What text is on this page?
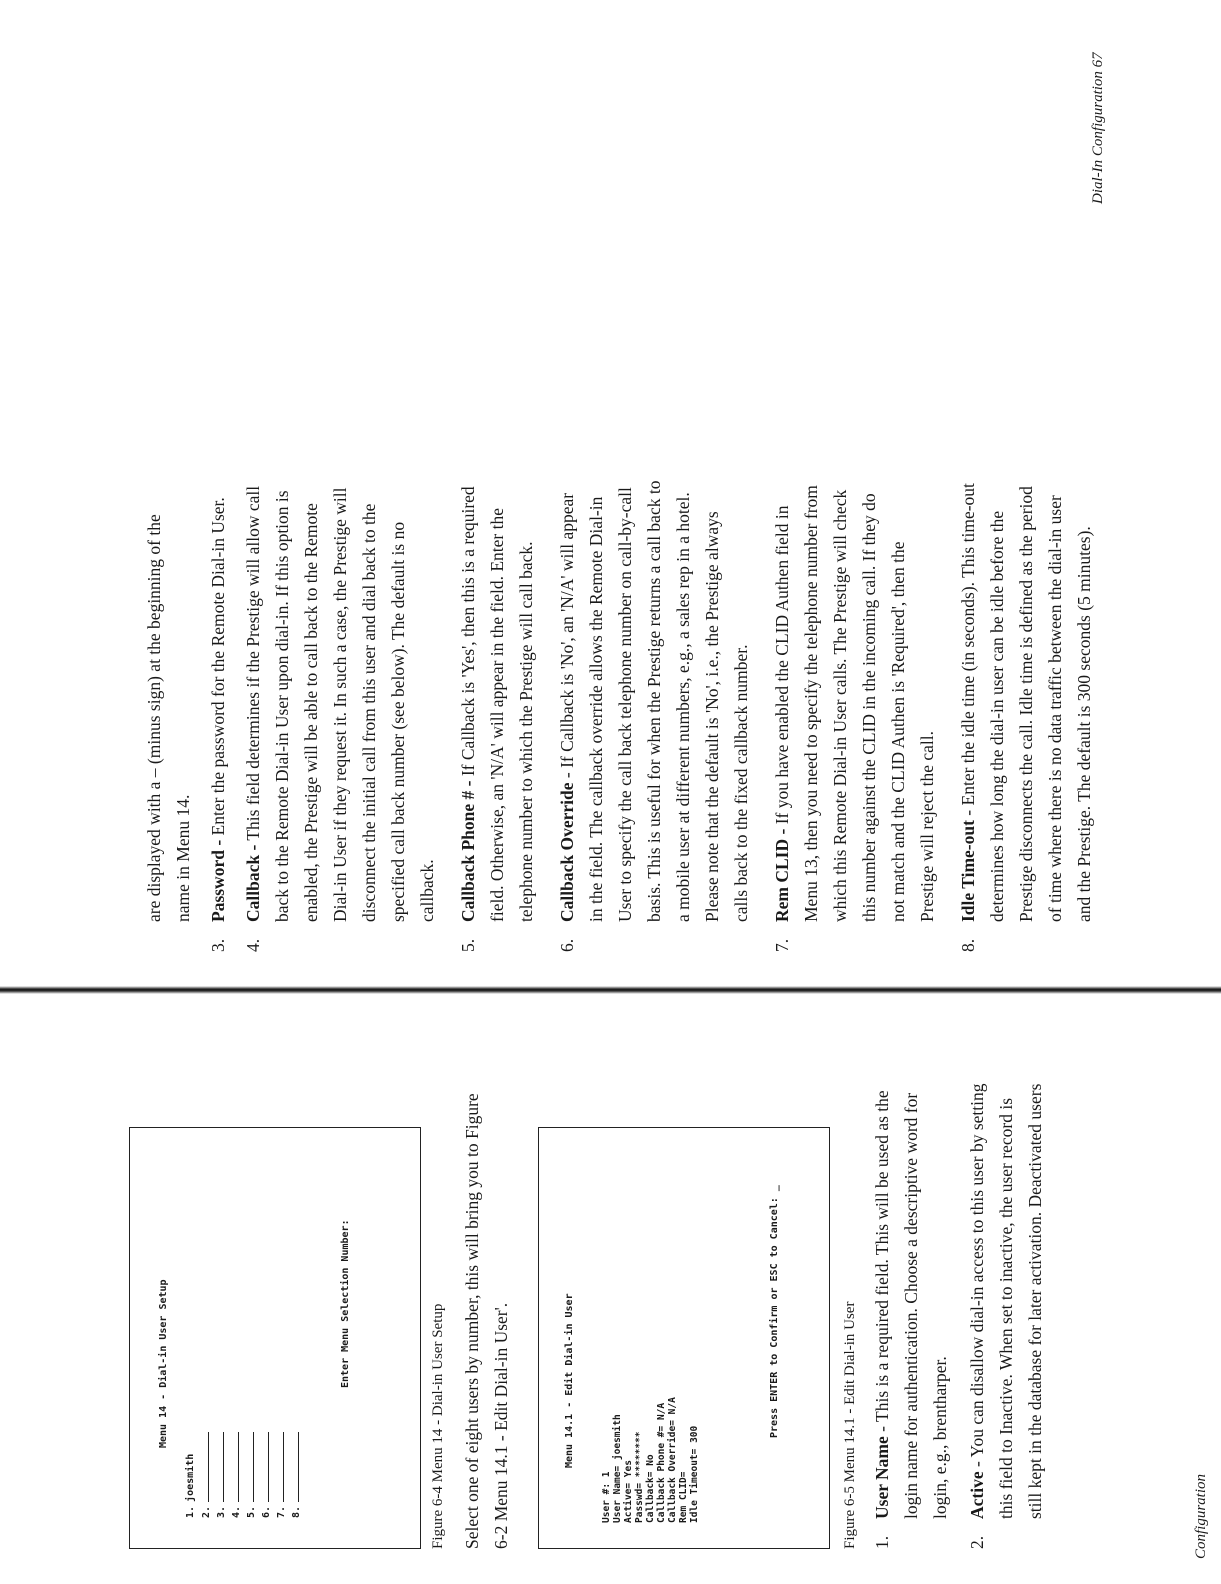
Menu 14 - Dial-in User Setup
1.joesmith
2. 3. 4. 5. 6. 7. 8.
Enter Menu Selection Number:	Figure 6-4 Menu 14 - Dial-in User Setup Select one of eight users by number, this will bring you to Figure 6-2 Menu 14.1 - Edit Dial-in User'.	Menu 14.1 - Edit Dial-in User
User #: 1 User Name= joesmith Active= Yes Passwd= ******** Callback= No Callback Phone #= N/A Callback Override= N/A Rem CLID= Idle Timeout= 300
Press ENTER to Confirm or ESC to Cancel: _	Figure 6-5 Menu 14.1 - Edit Dial-in User 1.
User Name - This is a required field. This will be used as the login name for authentication. Choose a descriptive word for login, e.g., brentharper.
2.
Active - You can disallow dial-in access to this user by setting this field to Inactive. When set to inactive, the user record is still kept in the database for later activation. Deactivated users	Configuration
are displayed with a – (minus sign) at the beginning of the name in Menu 14.
3.
Password - Enter the password for the Remote Dial-in User.
4.
Callback - This field determines if the Prestige will allow call back to the Remote Dial-in User upon dial-in. If this option is enabled, the Prestige will be able to call back to the Remote Dial-in User if they request it. In such a case, the Prestige will disconnect the initial call from this user and dial back to the specified call back number (see below). The default is no callback.
5.
Callback Phone # - If Callback is 'Yes', then this is a required field. Otherwise, an 'N/A' will appear in the field. Enter the telephone number to which the Prestige will call back.
6.
Callback Override - If Callback is 'No', an 'N/A' will appear in the field. The callback override allows the Remote Dial-in User to specify the call back telephone number on call-by-call basis. This is useful for when the Prestige returns a call back to a mobile user at different numbers, e.g., a sales rep in a hotel. Please note that the default is 'No', i.e., the Prestige always calls back to the fixed callback number.
7.
Rem CLID - If you have enabled the CLID Authen field in Menu 13, then you need to specify the telephone number from which this Remote Dial-in User calls. The Prestige will check this number against the CLID in the incoming call. If they do not match and the CLID Authen is 'Required', then the Prestige will reject the call.
8.
Idle Time-out - Enter the idle time (in seconds). This time-out determines how long the dial-in user can be idle before the Prestige disconnects the call. Idle time is defined as the period of time where there is no data traffic between the dial-in user and the Prestige. The default is 300 seconds (5 minutes).
Dial-In Configuration 67
